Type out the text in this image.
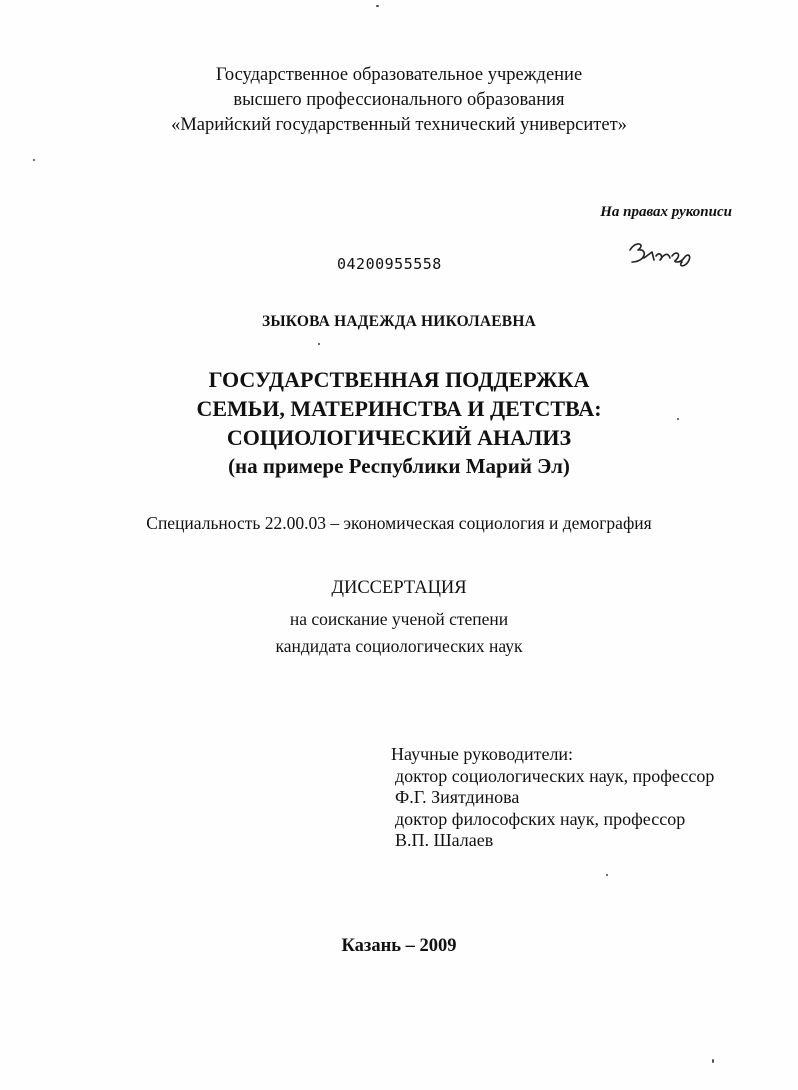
Государственное образовательное учреждение
высшего профессионального образования
«Марийский государственный технический университет»
На правах рукописи
04200955558
ЗЫКОВА НАДЕЖДА НИКОЛАЕВНА
ГОСУДАРСТВЕННАЯ ПОДДЕРЖКА
СЕМЬИ, МАТЕРИНСТВА И ДЕТСТВА:
СОЦИОЛОГИЧЕСКИЙ АНАЛИЗ
(на примере Республики Марий Эл)
Специальность 22.00.03 – экономическая социология и демография
ДИССЕРТАЦИЯ
на соискание ученой степени
кандидата социологических наук
Научные руководители:
доктор социологических наук, профессор
Ф.Г. Зиятдинова
доктор философских наук, профессор
В.П. Шалаев
Казань – 2009
